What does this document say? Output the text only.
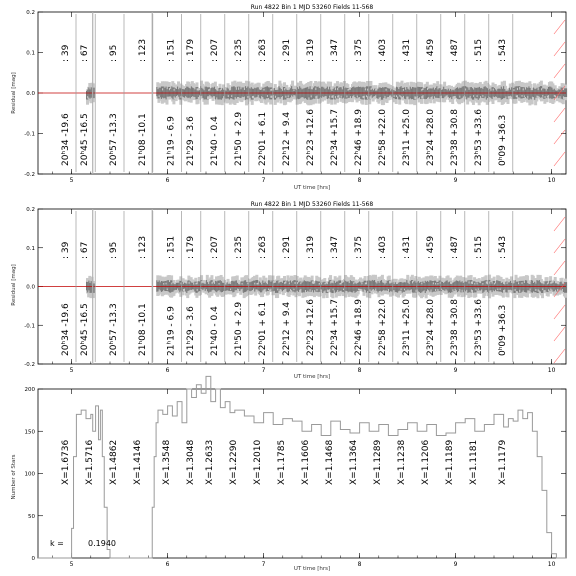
Run 4822 Bin 1 MJD 53260 Fields 11-568
UT time [hrs]
Residual [mag]
5	6	7	8	9	10
-0.2
-0.1
0.0
0.1
0.2
: 39
20ʰ34 -19.6
: 67
20ʰ45 -16.5
: 95
20ʰ57 -13.3
: 123
21ʰ08 -10.1
: 151
21ʰ19 - 6.9
: 179
21ʰ29 - 3.6
: 207
21ʰ40 - 0.4
: 235
21ʰ50 + 2.9
: 263
22ʰ01 + 6.1
: 291
22ʰ12 + 9.4
: 319
22ʰ23 +12.6
: 347
22ʰ34 +15.7
: 375
22ʰ46 +18.9
: 403
22ʰ58 +22.0
: 431
23ʰ11 +25.0
: 459
23ʰ24 +28.0
: 487
23ʰ38 +30.8
: 515
23ʰ53 +33.6
: 543
0ʰ09 +36.3
Run 4822 Bin 1 MJD 53260 Fields 11-568
UT time [hrs]
Residual [mag]
5	6	7	8	9	10
-0.2
-0.1
0.0
0.1
0.2
: 39
20ʰ34 -19.6
: 67
20ʰ45 -16.5
: 95
20ʰ57 -13.3
: 123
21ʰ08 -10.1
: 151
21ʰ19 - 6.9
: 179
21ʰ29 - 3.6
: 207
21ʰ40 - 0.4
: 235
21ʰ50 + 2.9
: 263
22ʰ01 + 6.1
: 291
22ʰ12 + 9.4
: 319
22ʰ23 +12.6
: 347
22ʰ34 +15.7
: 375
22ʰ46 +18.9
: 403
22ʰ58 +22.0
: 431
23ʰ11 +25.0
: 459
23ʰ24 +28.0
: 487
23ʰ38 +30.8
: 515
23ʰ53 +33.6
: 543
0ʰ09 +36.3
UT time [hrs]
Number of Stars
5	6	7	8	9	10
0
50
100
150
200
X=1.6736 X=1.5716 X=1.4862 X=1.4146 X=1.3548 X=1.3048 X=1.2633 X=1.2290 X=1.2010 X=1.1785 X=1.1606 X=1.1468 X=1.1364 X=1.1289 X=1.1238 X=1.1206 X=1.1189 X=1.1181 X=1.1179
k =	0.1940
